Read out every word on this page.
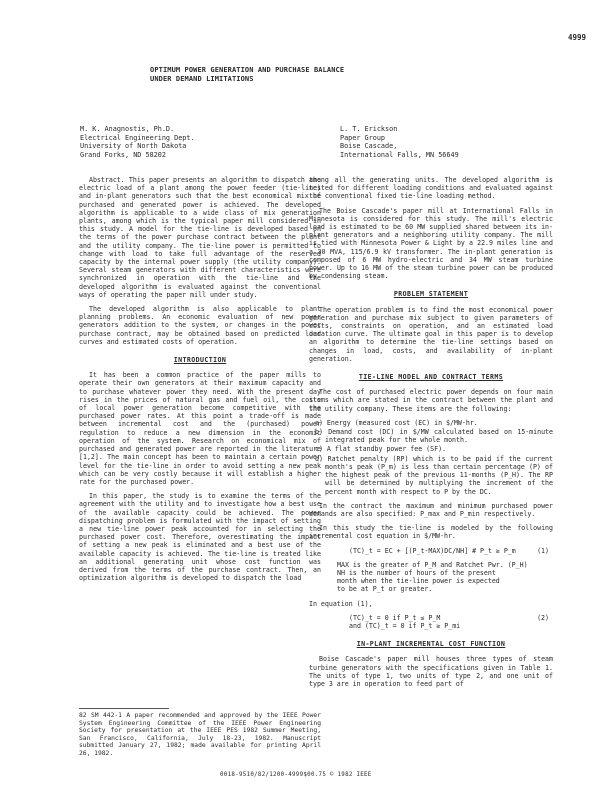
4999
OPTIMUM POWER GENERATION AND PURCHASE BALANCE
UNDER DEMAND LIMITATIONS
M. K. Anagnostis, Ph.D.
Electrical Engineering Dept.
University of North Dakota
Grand Forks, ND 58202
L. T. Erickson
Paper Group
Boise Cascade,
International Falls, MN 56649

Abstract. This paper presents an algorithm to dispatch the electric load of a plant among the power feeder (tie-line) and in-plant generators such that the best economical mix of purchased and generated power is achieved. The developed algorithm is applicable to a wide class of mix generation plants, among which is the typical paper mill considered in this study. A model for the tie-line is developed based on the terms of the power purchase contract between the plant and the utility company. The tie-line power is permitted to change with load to take full advantage of the reserved capacity by the internal power supply (the utility company). Several steam generators with different characteristics were synchronized in operation with the tie-line and the developed algorithm is evaluated against the conventional ways of operating the paper mill under study.

The developed algorithm is also applicable to plant planning problems. An economic evaluation of new power generators addition to the system, or changes in the power purchase contract, may be obtained based on predicted load curves and estimated costs of operation.

INTRODUCTION

It has been a common practice of the paper mills to operate their own generators at their maximum capacity and to purchase whatever power they need. With the present day rises in the prices of natural gas and fuel oil, the costs of local power generation become competitive with the purchased power rates. At this point a trade-off is made between incremental cost and the (purchased) power regulation to reduce a new dimension in the economic operation of the system. Research on economical mix of purchased and generated power are reported in the literature [1,2]. The main concept has been to maintain a certain power level for the tie-line in order to avoid setting a new peak which can be very costly because it will establish a higher rate for the purchased power.

In this paper, the study is to examine the terms of the agreement with the utility and to investigate how a best use of the available capacity could be achieved. The power dispatching problem is formulated with the impact of setting a new tie-line power peak accounted for in selecting the purchased power cost. Therefore, overestimating the impact of setting a new peak is eliminated and a best use of the available capacity is achieved. The tie-line is treated like an additional generating unit whose cost function was derived from the terms of the purchase contract. Then, an optimization algorithm is developed to dispatch the load

among all the generating units. The developed algorithm is tested for different loading conditions and evaluated against the conventional fixed tie-line loading method.

The Boise Cascade's paper mill at International Falls in Minnesota is considered for this study. The mill's electric load is estimated to be 60 MW supplied shared between its in-plant generators and a neighboring utility company. The mill is tied with Minnesota Power & Light by a 22.9 miles line and a 30 MVA, 115/6.9 kV transformer. The in-plant generation is composed of 6 MW hydro-electric and 34 MW steam turbine power. Up to 16 MW of the steam turbine power can be produced by condensing steam.

PROBLEM STATEMENT

The operation problem is to find the most economical power generation and purchase mix subject to given parameters of costs, constraints on operation, and an estimated load duration curve. The ultimate goal in this paper is to develop an algorithm to determine the tie-line settings based on changes in load, costs, and availability of in-plant generation.

TIE-LINE MODEL AND CONTRACT TERMS

The cost of purchased electric power depends on four main items which are stated in the contract between the plant and the utility company. These items are the following:

a) Energy (measured cost (EC) in $/MW-hr.
b) Demand cost (DC) in $/MW calculated based on 15-minute integrated peak for the whole month.
c) A flat standby power fee (SF).
d) Ratchet penalty (RP) which is to be paid if the current month's peak (P_m) is less than certain percentage (P) of the highest peak of the previous 11-months (P_H). The RP will be determined by multiplying the increment of the percent month with respect to P by the DC.

In the contract the maximum and minimum purchased power demands are also specified: P_max and P_min respectively.

In this study the tie-line is modeled by the following incremental cost equation in $/MW-hr.

(TC)_t = EC + [(P_t-MAX)DC/NH] # P_t ≥ P_m	(1)
MAX is the greater of P_M and Ratchet Pwr. (P_H)
NH is the number of hours of the present
month when the tie-line power is expected
to be at P_t or greater.

In equation (1),

(TC)_t = 0 if P_t ≤ P_M
and (TC)_t = 0 if P_t ≥ P_mi
(2)
IN-PLANT INCREMENTAL COST FUNCTION

Boise Cascade's paper mill houses three types of steam turbine generators with the specifications given in Table 1. The units of type 1, two units of type 2, and one unit of type 3 are in operation to feed part of

82 SM 442-1 A paper recommended and approved by the IEEE Power System Engineering Committee of the IEEE Power Engineering Society for presentation at the IEEE PES 1982 Summer Meeting, San Francisco, California, July 18-23, 1982. Manuscript submitted January 27, 1982; made available for printing April 26, 1982.
0018-9510/82/1200-4999$00.75 © 1982 IEEE
